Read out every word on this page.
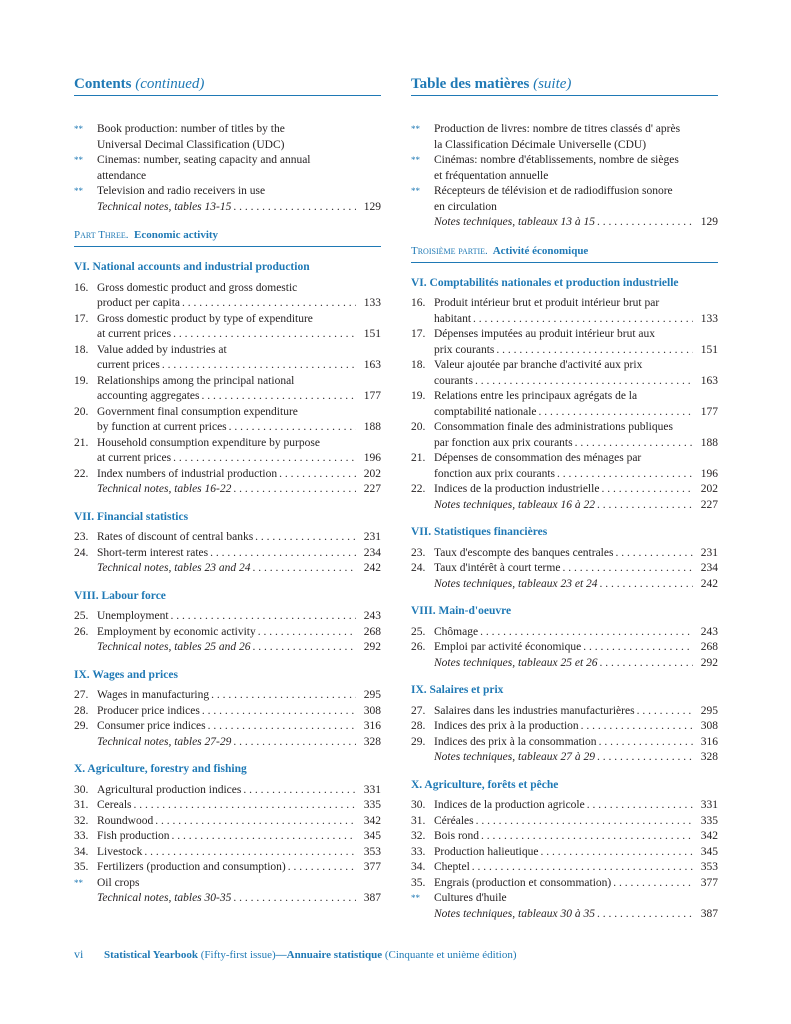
Contents (continued)
**	Book production: number of titles by the
Universal Decimal Classification (UDC)
**	Cinemas: number, seating capacity and annual
attendance
**	Television and radio receivers in use
Technical notes, tables 13-15 . . .	129
Part Three. Economic activity
VI. National accounts and industrial production
16. Gross domestic product and gross domestic
product per capita . . .	133
17. Gross domestic product by type of expenditure
at current prices . . .	151
18. Value added by industries at
current prices . . .	163
19. Relationships among the principal national
accounting aggregates . . .	177
20. Government final consumption expenditure
by function at current prices . . .	188
21. Household consumption expenditure by purpose
at current prices . . .	196
22. Index numbers of industrial production . . .	202
Technical notes, tables 16-22 . . .	227
VII. Financial statistics
23. Rates of discount of central banks . . .	231
24. Short-term interest rates . . .	234
Technical notes, tables 23 and 24 . . .	242
VIII. Labour force
25. Unemployment . . .	243
26. Employment by economic activity . . .	268
Technical notes, tables 25 and 26 . . .	292
IX. Wages and prices
27. Wages in manufacturing . . .	295
28. Producer price indices . . .	308
29. Consumer price indices . . .	316
Technical notes, tables 27-29 . . .	328
X. Agriculture, forestry and fishing
30. Agricultural production indices . . .	331
31. Cereals . . .	335
32. Roundwood . . .	342
33. Fish production . . .	345
34. Livestock . . .	353
35. Fertilizers (production and consumption) . . .	377
**	Oil crops
Technical notes, tables 30-35 . . .	387
Table des matières (suite)
**	Production de livres: nombre de titres classés d' après
la Classification Décimale Universelle (CDU)
**	Cinémas: nombre d'établissements, nombre de sièges
et fréquentation annuelle
**	Récepteurs de télévision et de radiodiffusion sonore
en circulation
Notes techniques, tableaux 13 à 15 . . .	129
Troisième partie. Activité économique
VI. Comptabilités nationales et production industrielle
16. Produit intérieur brut et produit intérieur brut par
habitant . . .	133
17. Dépenses imputées au produit intérieur brut aux
prix courants . . .	151
18. Valeur ajoutée par branche d'activité aux prix
courants . . .	163
19. Relations entre les principaux agrégats de la
comptabilité nationale . . .	177
20. Consommation finale des administrations publiques
par fonction aux prix courants . . .	188
21. Dépenses de consommation des ménages par
fonction aux prix courants . . .	196
22. Indices de la production industrielle . . .	202
Notes techniques, tableaux 16 à 22 . . .	227
VII. Statistiques financières
23. Taux d'escompte des banques centrales . . .	231
24. Taux d'intérêt à court terme . . .	234
Notes techniques, tableaux 23 et 24 . . .	242
VIII. Main-d'oeuvre
25. Chômage . . .	243
26. Emploi par activité économique . . .	268
Notes techniques, tableaux 25 et 26 . . .	292
IX. Salaires et prix
27. Salaires dans les industries manufacturières . . .	295
28. Indices des prix à la production . . .	308
29. Indices des prix à la consommation . . .	316
Notes techniques, tableaux 27 à 29 . . .	328
X. Agriculture, forêts et pêche
30. Indices de la production agricole . . .	331
31. Céréales . . .	335
32. Bois rond . . .	342
33. Production halieutique . . .	345
34. Cheptel . . .	353
35. Engrais (production et consommation) . . .	377
**	Cultures d'huile
Notes techniques, tableaux 30 à 35 . . .	387
vi Statistical Yearbook (Fifty-first issue)—Annuaire statistique (Cinquante et unième édition)
